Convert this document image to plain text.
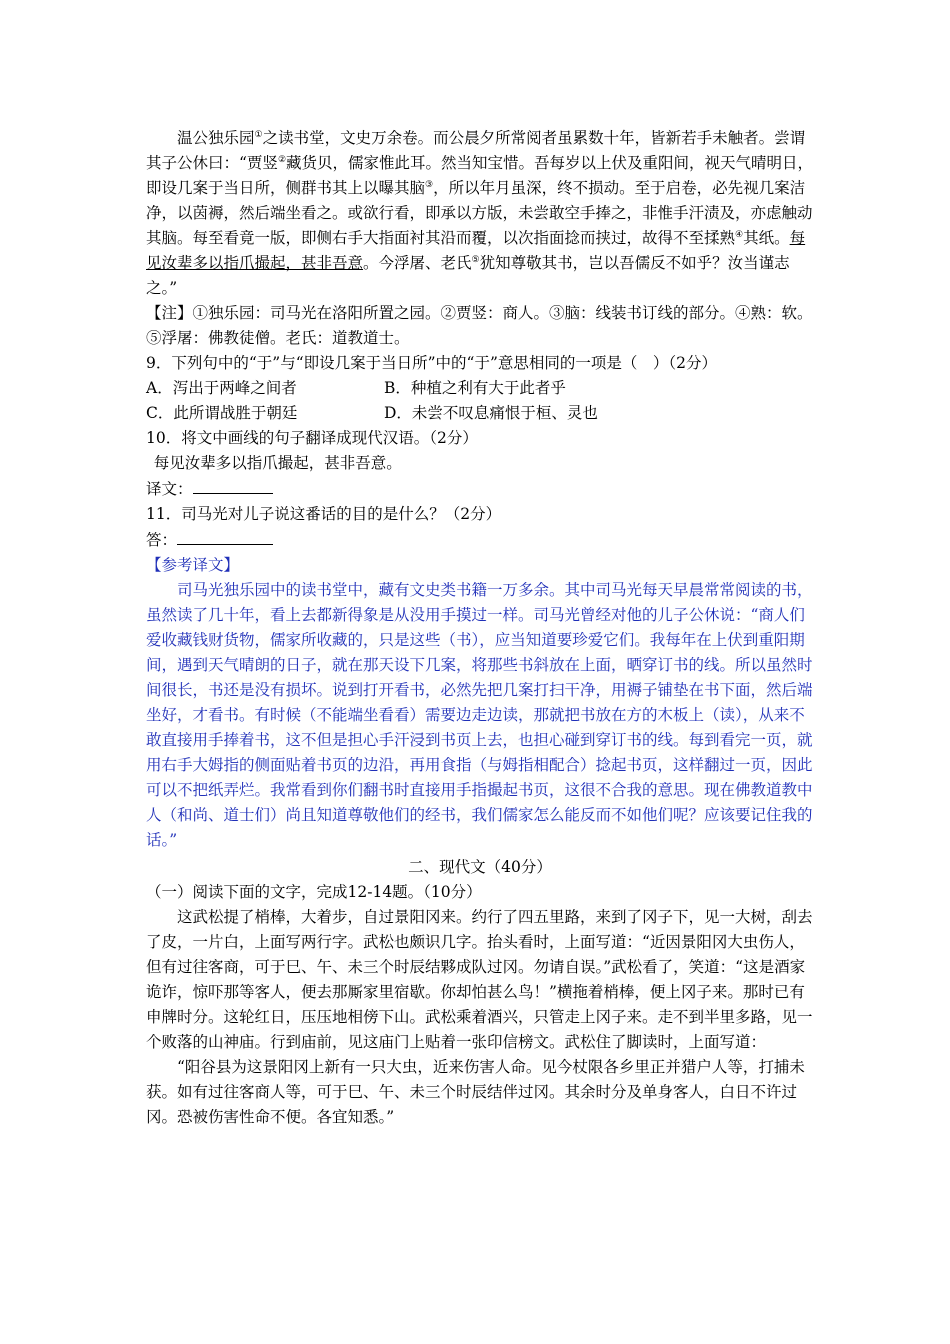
温公独乐园①之读书堂，文史万余卷。而公晨夕所常阅者虽累数十年，皆新若手未触者。尝谓其子公休曰：“贾竖②藏货贝，儒家惟此耳。然当知宝惜。吾每岁以上伏及重阳间，视天气晴明日，即设几案于当日所，侧群书其上以曝其脑③，所以年月虽深，终不损动。至于启卷，必先视几案洁净，以茵褥，然后端坐看之。或欲行看，即承以方版，未尝敢空手捧之，非惟手汗渍及，亦虑触动其脑。每至看竟一版，即侧右手大指面衬其沿而覆，以次指面捻而挟过，故得不至揉熟④其纸。每见汝辈多以指爪撮起，甚非吾意。今浮屠、老氏⑤犹知尊敬其书，岂以吾儒反不如乎？汝当谨志之。”

【注】①独乐园：司马光在洛阳所置之园。②贾竖：商人。③脑：线装书订线的部分。④熟：软。⑤浮屠：佛教徒僧。老氏：道教道士。

9．下列句中的“于”与“即设几案于当日所”中的“于”意思相同的一项是（　）（2分）

A．泻出于两峰之间者	B．种植之利有大于此者乎
C．此所谓战胜于朝廷	D．未尝不叹息痛恨于桓、灵也

10．将文中画线的句子翻译成现代汉语。（2分）

每见汝辈多以指爪撮起，甚非吾意。

译文：

11．司马光对儿子说这番话的目的是什么？（2分）

答：

【参考译文】

司马光独乐园中的读书堂中，藏有文史类书籍一万多余。其中司马光每天早晨常常阅读的书，虽然读了几十年，看上去都新得象是从没用手摸过一样。司马光曾经对他的儿子公休说：“商人们爱收藏钱财货物，儒家所收藏的，只是这些（书），应当知道要珍爱它们。我每年在上伏到重阳期间，遇到天气晴朗的日子，就在那天设下几案，将那些书斜放在上面，晒穿订书的线。所以虽然时间很长，书还是没有损坏。说到打开看书，必然先把几案打扫干净，用褥子铺垫在书下面，然后端坐好，才看书。有时候（不能端坐看看）需要边走边读，那就把书放在方的木板上（读），从来不敢直接用手捧着书，这不但是担心手汗浸到书页上去，也担心碰到穿订书的线。每到看完一页，就用右手大姆指的侧面贴着书页的边沿，再用食指（与姆指相配合）捻起书页，这样翻过一页，因此可以不把纸弄烂。我常看到你们翻书时直接用手指撮起书页，这很不合我的意思。现在佛教道教中人（和尚、道士们）尚且知道尊敬他们的经书，我们儒家怎么能反而不如他们呢？应该要记住我的话。”

二、现代文（40分）

（一）阅读下面的文字，完成12-14题。（10分）

这武松提了梢棒，大着步，自过景阳冈来。约行了四五里路，来到了冈子下，见一大树，刮去了皮，一片白，上面写两行字。武松也颇识几字。抬头看时，上面写道：“近因景阳冈大虫伤人，但有过往客商，可于巳、午、未三个时辰结夥成队过冈。勿请自误。”武松看了，笑道：“这是酒家诡诈，惊吓那等客人，便去那厮家里宿歇。你却怕甚么鸟！”横拖着梢棒，便上冈子来。那时已有申牌时分。这轮红日，压压地相傍下山。武松乘着酒兴，只管走上冈子来。走不到半里多路，见一个败落的山神庙。行到庙前，见这庙门上贴着一张印信榜文。武松住了脚读时，上面写道：

“阳谷县为这景阳冈上新有一只大虫，近来伤害人命。见今杖限各乡里正并猎户人等，打捕未获。如有过往客商人等，可于巳、午、未三个时辰结伴过冈。其余时分及单身客人，白日不许过冈。恐被伤害性命不便。各宜知悉。”
